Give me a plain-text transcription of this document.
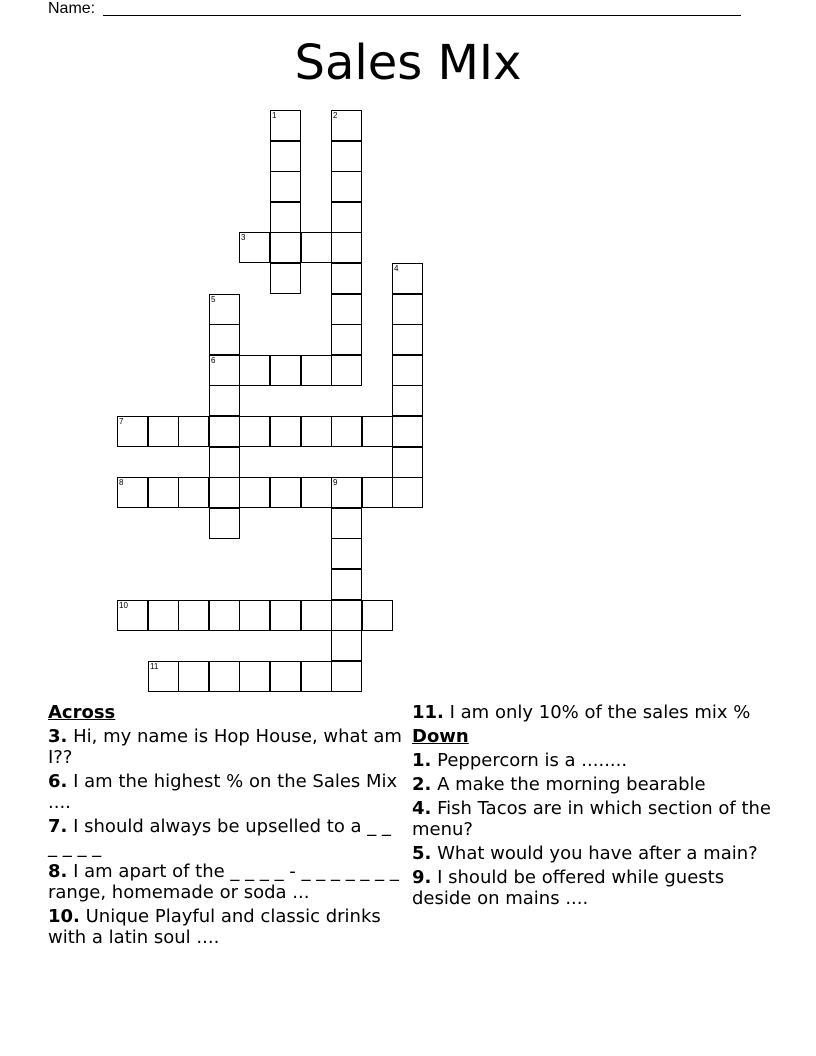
Name:
Sales MIx
1	2
3
4
5
6
7
8	9
10
11
Across
3. Hi, my name is Hop House, what am I??
6. I am the highest % on the Sales Mix ....
7. I should always be upselled to a _ _ _ _ _ _
8. I am apart of the _ _ _ _ - _ _ _ _ _ _ _ range, homemade or soda ...
10. Unique Playful and classic drinks with a latin soul ....
11. I am only 10% of the sales mix %
Down
1. Peppercorn is a ........
2. A make the morning bearable
4. Fish Tacos are in which section of the menu?
5. What would you have after a main?
9. I should be offered while guests deside on mains ....
